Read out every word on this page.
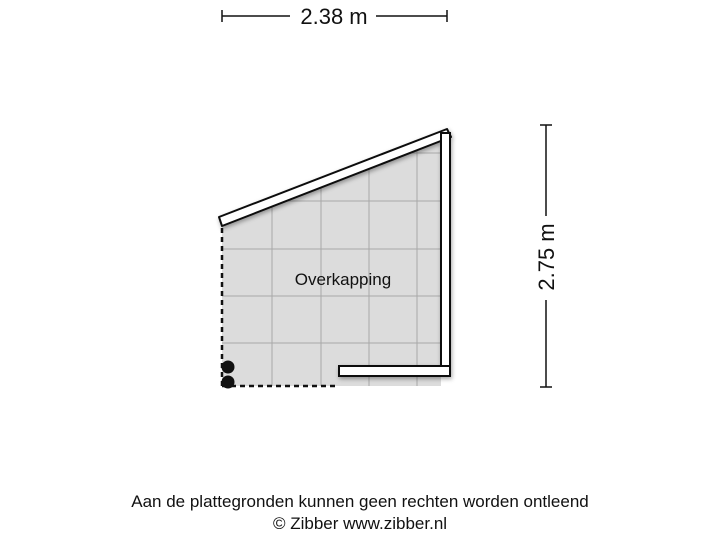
2.38 m
2.75 m
Overkapping
Aan de plattegronden kunnen geen rechten worden ontleend
© Zibber www.zibber.nl
